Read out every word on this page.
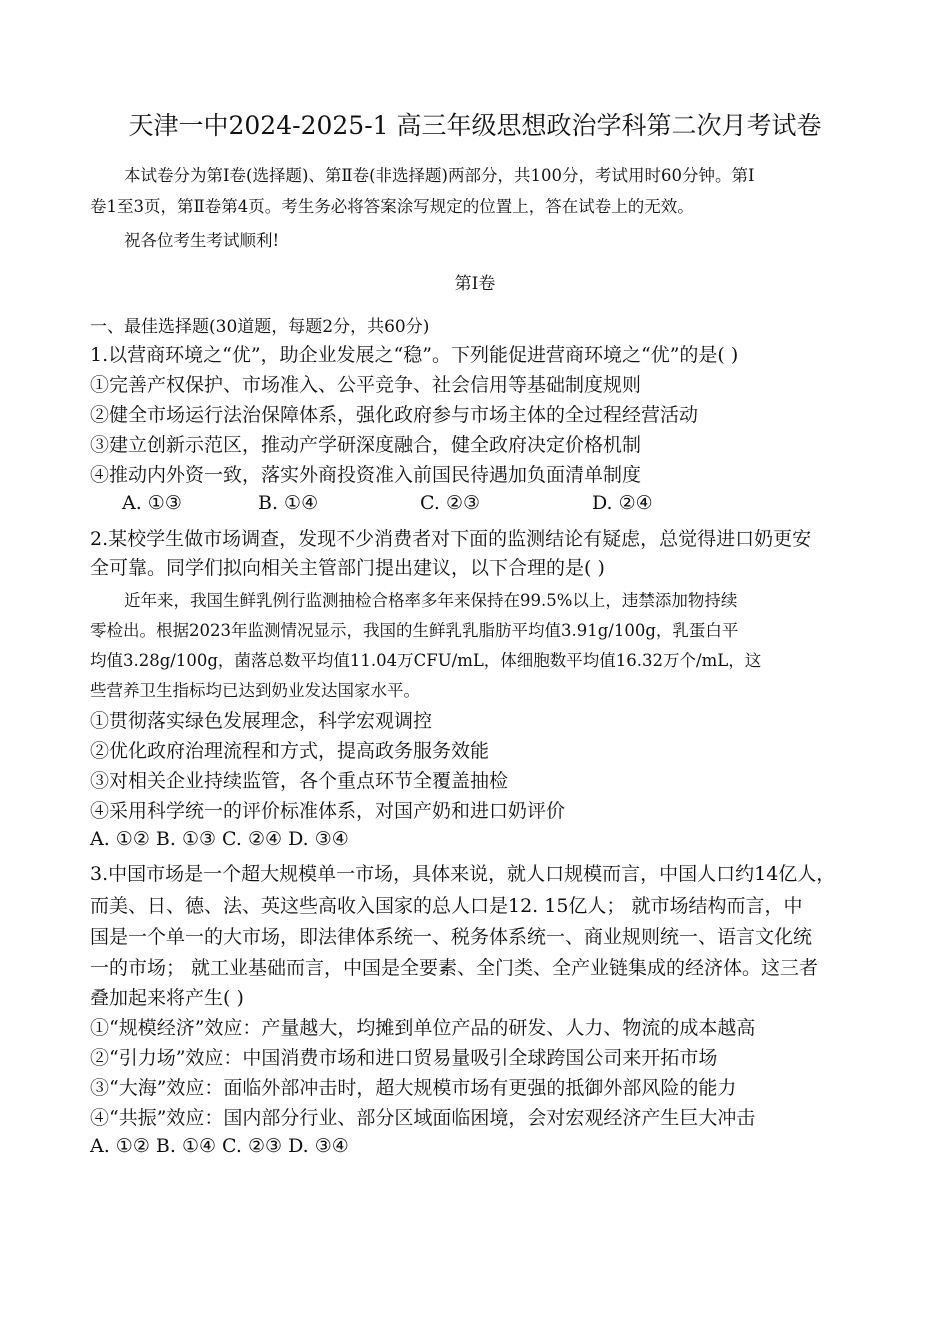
天津一中2024-2025-1 高三年级思想政治学科第二次月考试卷
本试卷分为第Ⅰ卷(选择题)、第Ⅱ卷(非选择题)两部分，共100分，考试用时60分钟。第Ⅰ
卷1至3页，第Ⅱ卷第4页。考生务必将答案涂写规定的位置上，答在试卷上的无效。
祝各位考生考试顺利!
第Ⅰ卷
一、最佳选择题(30道题，每题2分，共60分)
1.以营商环境之“优”，助企业发展之“稳”。下列能促进营商环境之“优”的是( )
①完善产权保护、市场准入、公平竞争、社会信用等基础制度规则
②健全市场运行法治保障体系，强化政府参与市场主体的全过程经营活动
③建立创新示范区，推动产学研深度融合，健全政府决定价格机制
④推动内外资一致，落实外商投资准入前国民待遇加负面清单制度
A. ①③	B. ①④	C. ②③	D. ②④
2.某校学生做市场调查，发现不少消费者对下面的监测结论有疑虑，总觉得进口奶更安
全可靠。同学们拟向相关主管部门提出建议，以下合理的是( )
近年来，我国生鲜乳例行监测抽检合格率多年来保持在99.5%以上，违禁添加物持续
零检出。根据2023年监测情况显示，我国的生鲜乳乳脂肪平均值3.91g/100g，乳蛋白平
均值3.28g/100g，菌落总数平均值11.04万CFU/mL，体细胞数平均值16.32万个/mL，这
些营养卫生指标均已达到奶业发达国家水平。
①贯彻落实绿色发展理念，科学宏观调控
②优化政府治理流程和方式，提高政务服务效能
③对相关企业持续监管，各个重点环节全覆盖抽检
④采用科学统一的评价标准体系，对国产奶和进口奶评价
A. ①② B. ①③ C. ②④ D. ③④
3.中国市场是一个超大规模单一市场，具体来说，就人口规模而言，中国人口约14亿人，
而美、日、德、法、英这些高收入国家的总人口是12. 15亿人； 就市场结构而言，中
国是一个单一的大市场，即法律体系统一、税务体系统一、商业规则统一、语言文化统
一的市场； 就工业基础而言，中国是全要素、全门类、全产业链集成的经济体。这三者
叠加起来将产生( )
①“规模经济”效应：产量越大，均摊到单位产品的研发、人力、物流的成本越高
②“引力场”效应：中国消费市场和进口贸易量吸引全球跨国公司来开拓市场
③“大海”效应：面临外部冲击时，超大规模市场有更强的抵御外部风险的能力
④“共振”效应：国内部分行业、部分区域面临困境，会对宏观经济产生巨大冲击
A. ①② B. ①④ C. ②③ D. ③④
